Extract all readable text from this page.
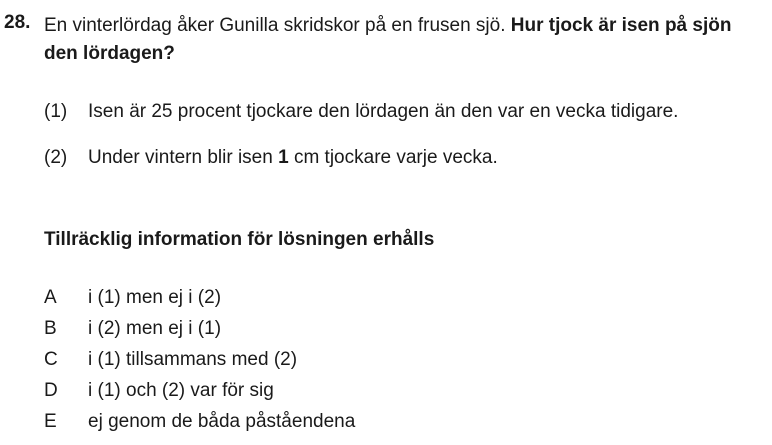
28. En vinterlördag åker Gunilla skridskor på en frusen sjö. Hur tjock är isen på sjön den lördagen?
(1) Isen är 25 procent tjockare den lördagen än den var en vecka tidigare.
(2) Under vintern blir isen 1 cm tjockare varje vecka.
Tillräcklig information för lösningen erhålls
A i (1) men ej i (2)
B i (2) men ej i (1)
C i (1) tillsammans med (2)
D i (1) och (2) var för sig
E ej genom de båda påståendena
